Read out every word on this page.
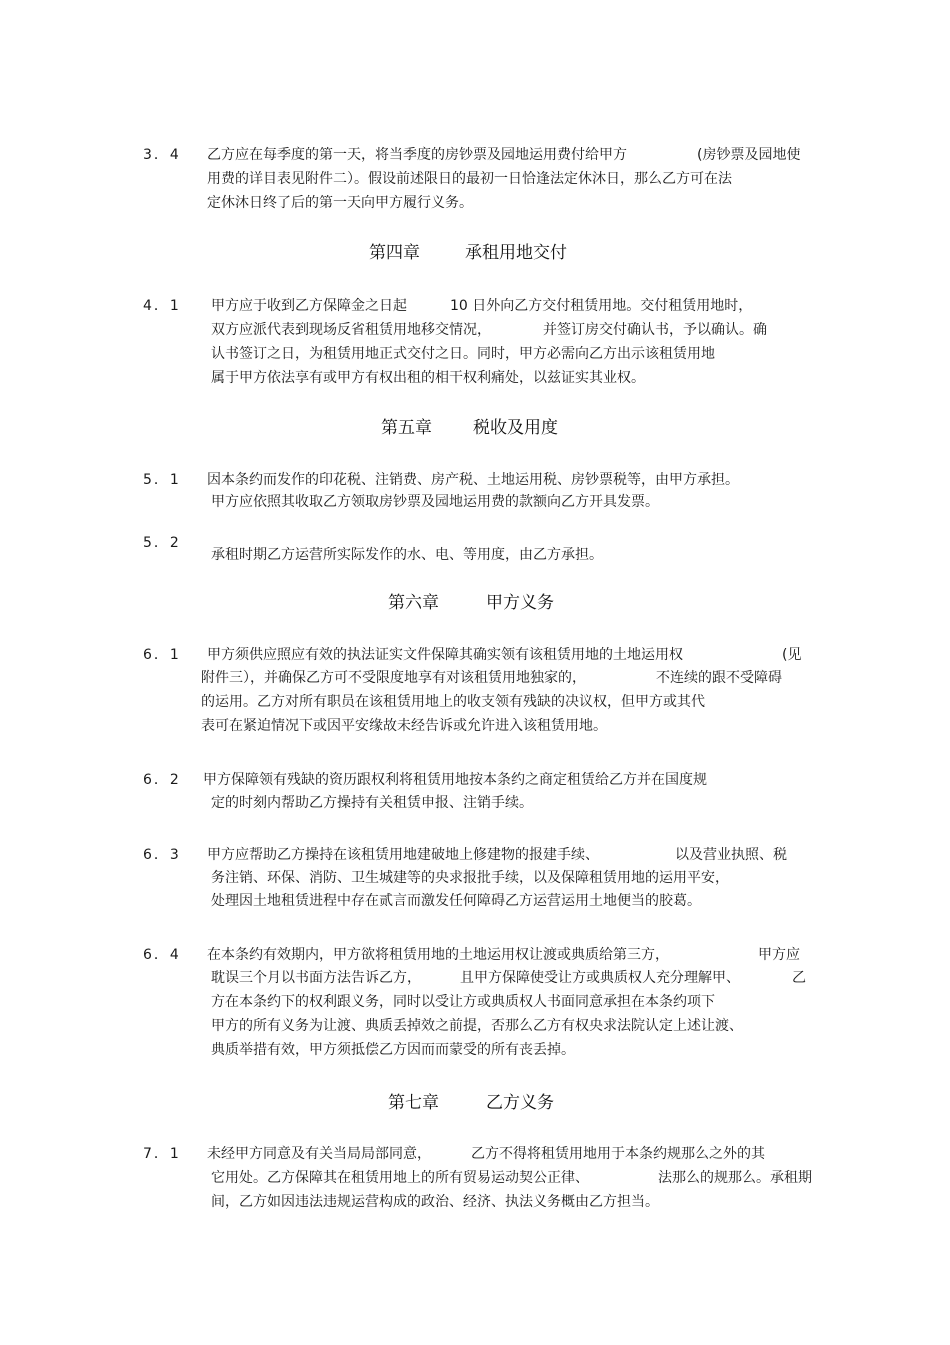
3．4 乙方应在每季度的第一天，将当季度的房钞票及园地运用费付给甲方	(房钞票及园地使
用费的详目表见附件二）。假设前述限日的最初一日恰逢法定休沐日，那么乙方可在法
定休沐日终了后的第一天向甲方履行义务。
第四章	承租用地交付
4．1 甲方应于收到乙方保障金之日起	10 日外向乙方交付租赁用地。交付租赁用地时，
双方应派代表到现场反省租赁用地移交情况，	并签订房交付确认书，予以确认。确
认书签订之日，为租赁用地正式交付之日。同时，甲方必需向乙方出示该租赁用地
属于甲方依法享有或甲方有权出租的相干权利痛处，以兹证实其业权。
第五章 税收及用度
5．1 因本条约而发作的印花税、注销费、房产税、土地运用税、房钞票税等，由甲方承担。
甲方应依照其收取乙方领取房钞票及园地运用费的款额向乙方开具发票。
5．2
承租时期乙方运营所实际发作的水、电、等用度，由乙方承担。
第六章	甲方义务
6．1 甲方须供应照应有效的执法证实文件保障其确实领有该租赁用地的土地运用权	(见
附件三），并确保乙方可不受限度地享有对该租赁用地独家的，	不连续的跟不受障碍
的运用。乙方对所有职员在该租赁用地上的收支领有残缺的决议权，但甲方或其代
表可在紧迫情况下或因平安缘故未经告诉或允许进入该租赁用地。
6．2 甲方保障领有残缺的资历跟权利将租赁用地按本条约之商定租赁给乙方并在国度规
定的时刻内帮助乙方操持有关租赁申报、注销手续。
6．3 甲方应帮助乙方操持在该租赁用地建破地上修建物的报建手续、	以及营业执照、税
务注销、环保、消防、卫生城建等的央求报批手续，以及保障租赁用地的运用平安，
处理因土地租赁进程中存在贰言而激发任何障碍乙方运营运用土地便当的胶葛。
6．4 在本条约有效期内，甲方欲将租赁用地的土地运用权让渡或典质给第三方，	甲方应
耽误三个月以书面方法告诉乙方，	且甲方保障使受让方或典质权人充分理解甲、	乙
方在本条约下的权利跟义务，同时以受让方或典质权人书面同意承担在本条约项下
甲方的所有义务为让渡、典质丢掉效之前提，否那么乙方有权央求法院认定上述让渡、
典质举措有效，甲方须抵偿乙方因而而蒙受的所有丧丢掉。
第七章	乙方义务
7．1 未经甲方同意及有关当局局部同意，	乙方不得将租赁用地用于本条约规那么之外的其
它用处。乙方保障其在租赁用地上的所有贸易运动契公正律、	法那么的规那么。承租期
间，乙方如因违法违规运营构成的政治、经济、执法义务概由乙方担当。
